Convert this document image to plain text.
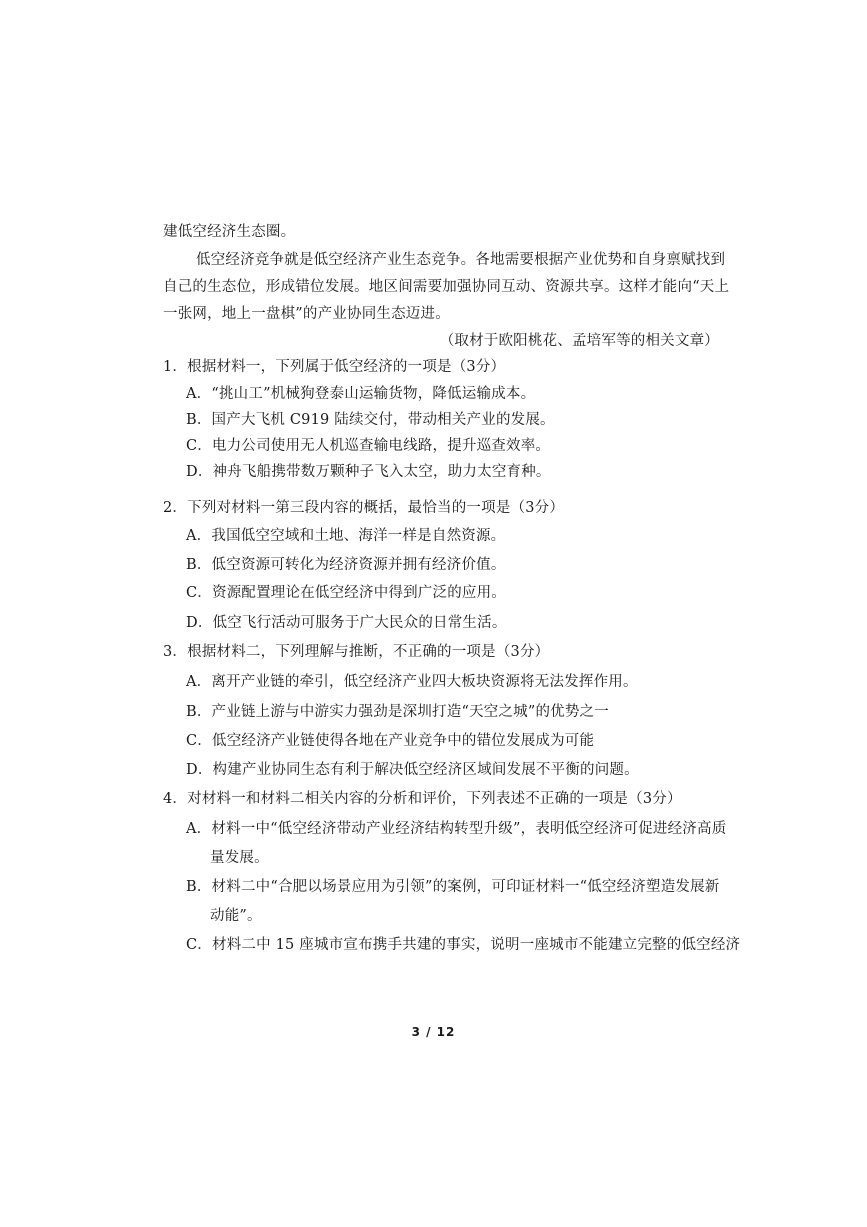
建低空经济生态圈。
低空经济竞争就是低空经济产业生态竞争。各地需要根据产业优势和自身禀赋找到
自己的生态位，形成错位发展。地区间需要加强协同互动、资源共享。这样才能向“天上
一张网，地上一盘棋”的产业协同生态迈进。
（取材于欧阳桃花、孟培军等的相关文章）
1．根据材料一，下列属于低空经济的一项是（3分）
A．“挑山工”机械狗登泰山运输货物，降低运输成本。
B．国产大飞机 C919 陆续交付，带动相关产业的发展。
C．电力公司使用无人机巡查输电线路，提升巡查效率。
D．神舟飞船携带数万颗种子飞入太空，助力太空育种。
2．下列对材料一第三段内容的概括，最恰当的一项是（3分）
A．我国低空空域和土地、海洋一样是自然资源。
B．低空资源可转化为经济资源并拥有经济价值。
C．资源配置理论在低空经济中得到广泛的应用。
D．低空飞行活动可服务于广大民众的日常生活。
3．根据材料二，下列理解与推断，不正确的一项是（3分）
A．离开产业链的牵引，低空经济产业四大板块资源将无法发挥作用。
B．产业链上游与中游实力强劲是深圳打造“天空之城”的优势之一
C．低空经济产业链使得各地在产业竞争中的错位发展成为可能
D．构建产业协同生态有利于解决低空经济区域间发展不平衡的问题。
4．对材料一和材料二相关内容的分析和评价，下列表述不正确的一项是（3分）
A．材料一中“低空经济带动产业经济结构转型升级”，表明低空经济可促进经济高质
量发展。
B．材料二中“合肥以场景应用为引领”的案例，可印证材料一“低空经济塑造发展新
动能”。
C．材料二中 15 座城市宣布携手共建的事实，说明一座城市不能建立完整的低空经济
3 / 12
